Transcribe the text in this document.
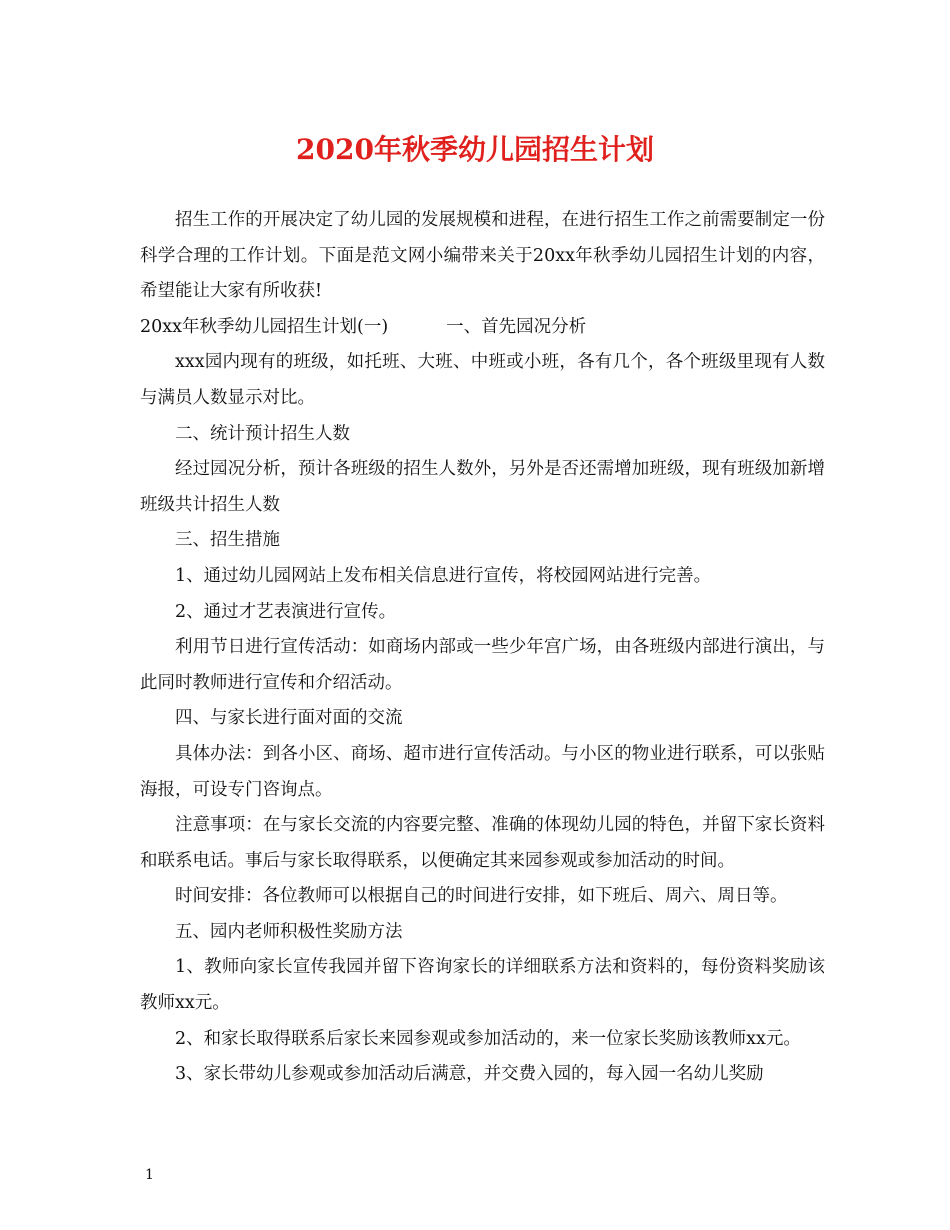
2020年秋季幼儿园招生计划

招生工作的开展决定了幼儿园的发展规模和进程，在进行招生工作之前需要制定一份科学合理的工作计划。下面是范文网小编带来关于20xx年秋季幼儿园招生计划的内容，希望能让大家有所收获!

20xx年秋季幼儿园招生计划(一)	一、首先园况分析

xxx园内现有的班级，如托班、大班、中班或小班，各有几个，各个班级里现有人数与满员人数显示对比。

二、统计预计招生人数

经过园况分析，预计各班级的招生人数外，另外是否还需增加班级，现有班级加新增班级共计招生人数

三、招生措施

1、通过幼儿园网站上发布相关信息进行宣传，将校园网站进行完善。

2、通过才艺表演进行宣传。

利用节日进行宣传活动：如商场内部或一些少年宫广场，由各班级内部进行演出，与此同时教师进行宣传和介绍活动。

四、与家长进行面对面的交流

具体办法：到各小区、商场、超市进行宣传活动。与小区的物业进行联系，可以张贴海报，可设专门咨询点。

注意事项：在与家长交流的内容要完整、准确的体现幼儿园的特色，并留下家长资料和联系电话。事后与家长取得联系，以便确定其来园参观或参加活动的时间。

时间安排：各位教师可以根据自己的时间进行安排，如下班后、周六、周日等。

五、园内老师积极性奖励方法

1、教师向家长宣传我园并留下咨询家长的详细联系方法和资料的，每份资料奖励该教师xx元。

2、和家长取得联系后家长来园参观或参加活动的，来一位家长奖励该教师xx元。

3、家长带幼儿参观或参加活动后满意，并交费入园的，每入园一名幼儿奖励

1
